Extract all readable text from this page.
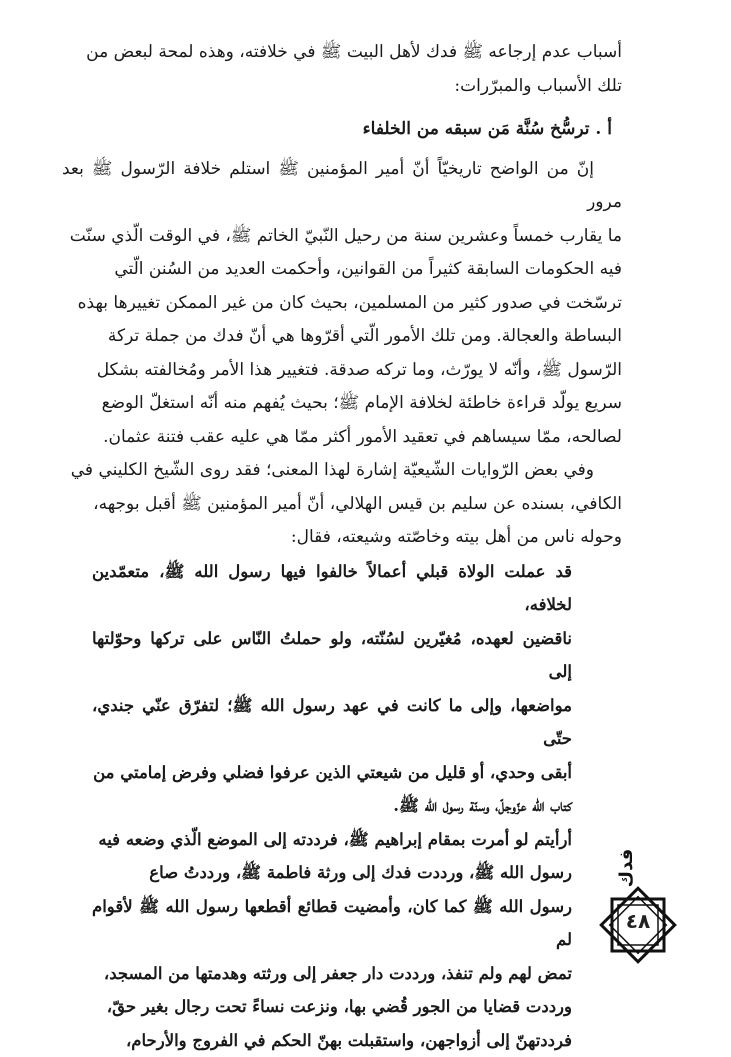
أسباب عدم إرجاعه ﷺ فدك لأهل البيت ﷺ في خلافته، وهذه لمحة لبعض من

تلك الأسباب والمبرّرات:

أ . ترسُّخ سُنَّة مَن سبقه من الخلفاء

إنّ من الواضح تاريخيّاً أنّ أمير المؤمنين ﷺ استلم خلافة الرّسول ﷺ بعد مرور

ما يقارب خمساً وعشرين سنة من رحيل النّبيّ الخاتم ﷺ، في الوقت الّذي سنّت

فيه الحكومات السابقة كثيراً من القوانين، وأحكمت العديد من السُنن الّتي

ترسّخت في صدور كثير من المسلمين، بحيث كان من غير الممكن تغييرها بهذه

البساطة والعجالة. ومن تلك الأمور الّتي أقرّوها هي أنّ فدك من جملة تركة

الرّسول ﷺ، وأنّه لا يورّث، وما تركه صدقة. فتغيير هذا الأمر ومُخالفته بشكل

سريع يولّد قراءة خاطئة لخلافة الإمام ﷺ؛ بحيث يُفهم منه أنّه استغلّ الوضع

لصالحه، ممّا سيساهم في تعقيد الأمور أكثر ممّا هي عليه عقب فتنة عثمان.

وفي بعض الرّوايات الشّيعيّة إشارة لهذا المعنى؛ فقد روى الشّيخ الكليني في

الكافي، بسنده عن سليم بن قيس الهلالي، أنّ أمير المؤمنين ﷺ أقبل بوجهه،

وحوله ناس من أهل بيته وخاصّته وشيعته، فقال:

قد عملت الولاة قبلي أعمالاً خالفوا فيها رسول الله ﷺ، متعمّدين لخلافه،

ناقضين لعهده، مُغيّرين لسُنّته، ولو حملتُ النّاس على تركها وحوّلتها إلى

مواضعها، وإلى ما كانت في عهد رسول الله ﷺ؛ لتفرّق عنّي جندي، حتّى

أبقى وحدي، أو قليل من شيعتي الذين عرفوا فضلي وفرض إمامتي من

كتاب الله عزّوجلّ، وسنّة رسول الله ﷺ.

أرأيتم لو أمرت بمقام إبراهيم ﷺ، فرددته إلى الموضع الّذي وضعه فيه

رسول الله ﷺ، ورددت فدك إلى ورثة فاطمة ﷺ، ورددتُ صاع

رسول الله ﷺ كما كان، وأمضيت قطائع أقطعها رسول الله ﷺ لأقوام لم

تمض لهم ولم تنفذ، ورددت دار جعفر إلى ورثته وهدمتها من المسجد،

ورددت قضايا من الجور قُضي بها، ونزعت نساءً تحت رجال بغير حقّ،

فرددتهنّ إلى أزواجهن، واستقبلت بهنّ الحكم في الفروج والأرحام،

فدك
٤٨
